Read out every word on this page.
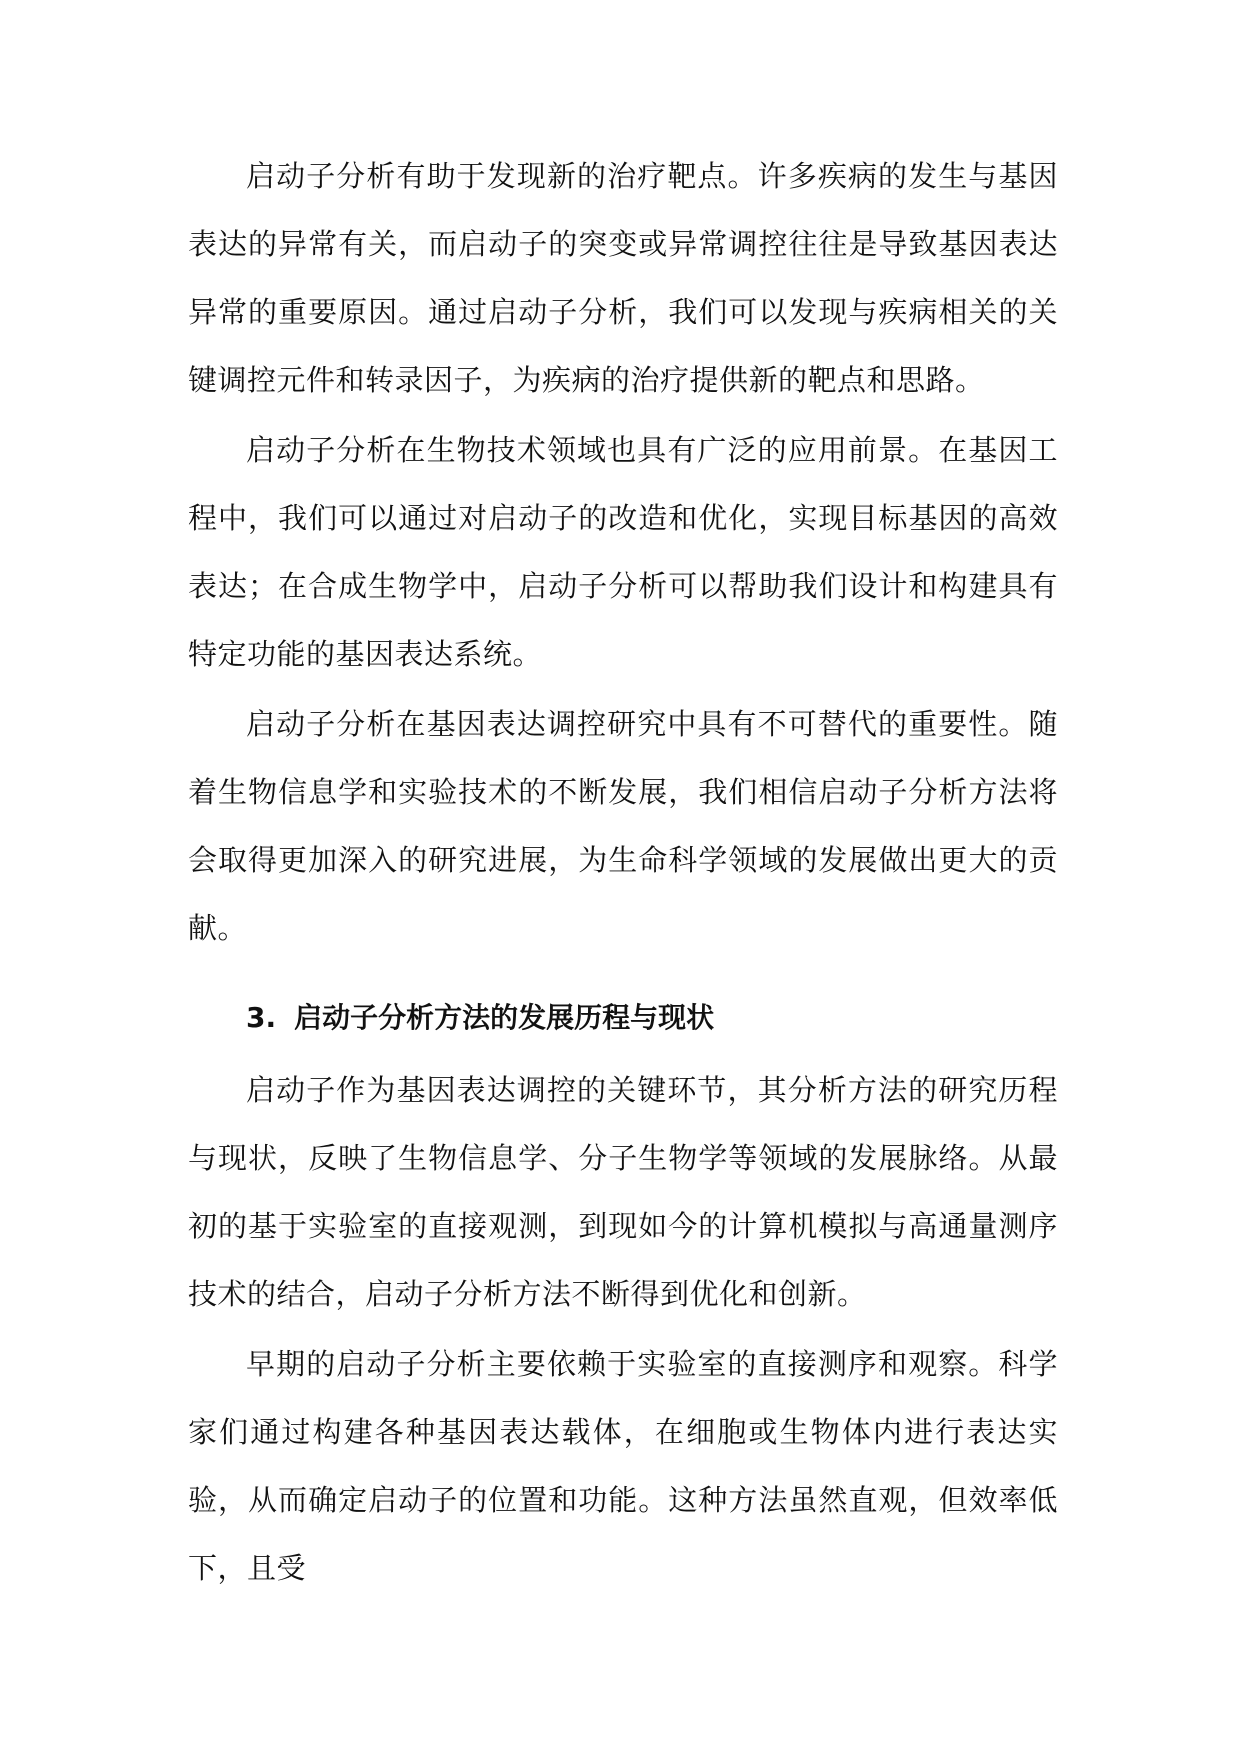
启动子分析有助于发现新的治疗靶点。许多疾病的发生与基因表达的异常有关，而启动子的突变或异常调控往往是导致基因表达异常的重要原因。通过启动子分析，我们可以发现与疾病相关的关键调控元件和转录因子，为疾病的治疗提供新的靶点和思路。

启动子分析在生物技术领域也具有广泛的应用前景。在基因工程中，我们可以通过对启动子的改造和优化，实现目标基因的高效表达；在合成生物学中，启动子分析可以帮助我们设计和构建具有特定功能的基因表达系统。

启动子分析在基因表达调控研究中具有不可替代的重要性。随着生物信息学和实验技术的不断发展，我们相信启动子分析方法将会取得更加深入的研究进展，为生命科学领域的发展做出更大的贡献。

3. 启动子分析方法的发展历程与现状

启动子作为基因表达调控的关键环节，其分析方法的研究历程与现状，反映了生物信息学、分子生物学等领域的发展脉络。从最初的基于实验室的直接观测，到现如今的计算机模拟与高通量测序技术的结合，启动子分析方法不断得到优化和创新。

早期的启动子分析主要依赖于实验室的直接测序和观察。科学家们通过构建各种基因表达载体，在细胞或生物体内进行表达实验，从而确定启动子的位置和功能。这种方法虽然直观，但效率低下，且受
